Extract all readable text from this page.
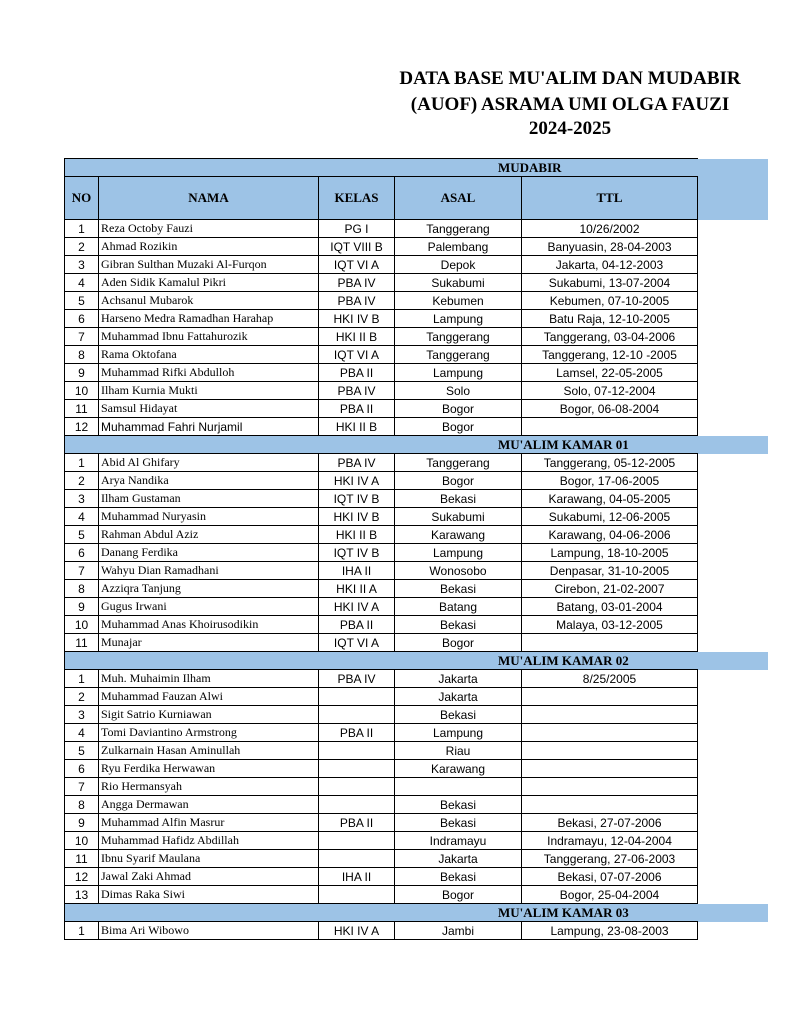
DATA BASE MU'ALIM DAN MUDABIR
(AUOF) ASRAMA UMI OLGA FAUZI
2024-2025
MUDABIR				
NO	NAMA	KELAS	ASAL	TTL
1	Reza Octoby Fauzi	PG I	Tanggerang	10/26/2002
2	Ahmad Rozikin	IQT VIII B	Palembang	Banyuasin, 28-04-2003
3	Gibran Sulthan Muzaki Al-Furqon	IQT VI A	Depok	Jakarta, 04-12-2003
4	Aden Sidik Kamalul Pikri	PBA IV	Sukabumi	Sukabumi, 13-07-2004
5	Achsanul Mubarok	PBA IV	Kebumen	Kebumen, 07-10-2005
6	Harseno Medra Ramadhan Harahap	HKI IV B	Lampung	Batu Raja, 12-10-2005
7	Muhammad Ibnu Fattahurozik	HKI II B	Tanggerang	Tanggerang, 03-04-2006
8	Rama Oktofana	IQT VI A	Tanggerang	Tanggerang, 12-10 -2005
9	Muhammad Rifki Abdulloh	PBA II	Lampung	Lamsel, 22-05-2005
10	Ilham Kurnia Mukti	PBA IV	Solo	Solo, 07-12-2004
11	Samsul Hidayat	PBA II	Bogor	Bogor, 06-08-2004
12	Muhammad Fahri Nurjamil	HKI II B	Bogor	
MU'ALIM KAMAR 01				
1	Abid Al Ghifary	PBA IV	Tanggerang	Tanggerang, 05-12-2005
2	Arya Nandika	HKI IV A	Bogor	Bogor, 17-06-2005
3	Ilham Gustaman	IQT IV B	Bekasi	Karawang, 04-05-2005
4	Muhammad Nuryasin	HKI IV B	Sukabumi	Sukabumi, 12-06-2005
5	Rahman Abdul Aziz	HKI II B	Karawang	Karawang, 04-06-2006
6	Danang Ferdika	IQT IV B	Lampung	Lampung, 18-10-2005
7	Wahyu Dian Ramadhani	IHA II	Wonosobo	Denpasar, 31-10-2005
8	Azziqra Tanjung	HKI II A	Bekasi	Cirebon, 21-02-2007
9	Gugus Irwani	HKI IV A	Batang	Batang, 03-01-2004
10	Muhammad Anas Khoirusodikin	PBA II	Bekasi	Malaya, 03-12-2005
11	Munajar	IQT VI A	Bogor	
MU'ALIM KAMAR 02				
1	Muh. Muhaimin Ilham	PBA IV	Jakarta	8/25/2005
2	Muhammad Fauzan Alwi		Jakarta	
3	Sigit Satrio Kurniawan		Bekasi	
4	Tomi Daviantino Armstrong	PBA II	Lampung	
5	Zulkarnain Hasan Aminullah		Riau	
6	Ryu Ferdika Herwawan		Karawang	
7	Rio Hermansyah			
8	Angga Dermawan		Bekasi	
9	Muhammad Alfin Masrur	PBA II	Bekasi	Bekasi, 27-07-2006
10	Muhammad Hafidz Abdillah		Indramayu	Indramayu, 12-04-2004
11	Ibnu Syarif Maulana		Jakarta	Tanggerang, 27-06-2003
12	Jawal Zaki Ahmad	IHA II	Bekasi	Bekasi, 07-07-2006
13	Dimas Raka Siwi		Bogor	Bogor, 25-04-2004
MU'ALIM KAMAR 03				
1	Bima Ari Wibowo	HKI IV A	Jambi	Lampung, 23-08-2003
